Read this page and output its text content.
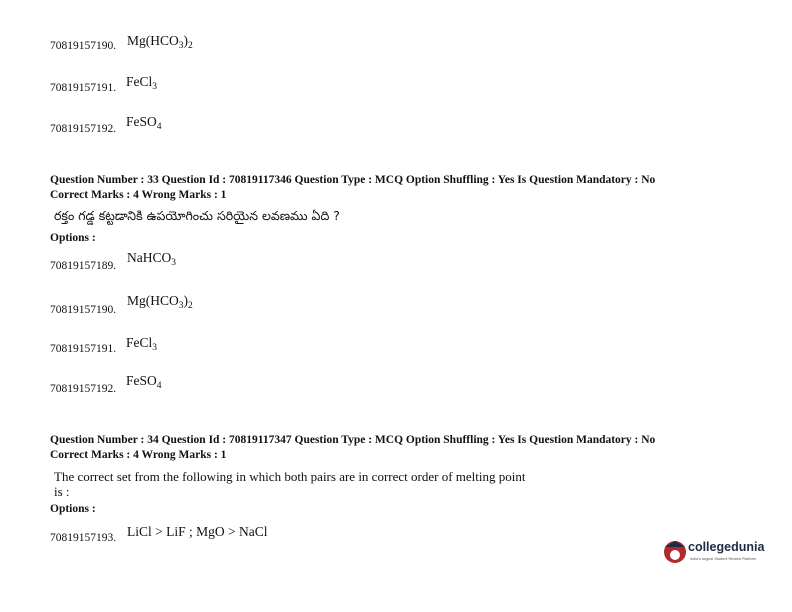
70819157190. $Mg(HCO_3)_2$
70819157191. FeCl$_3$
70819157192. FeSO$_4$
Question Number : 33 Question Id : 70819117346 Question Type : MCQ Option Shuffling : Yes Is Question Mandatory : No
Correct Marks : 4 Wrong Marks : 1
రక్తం గడ్డ కట్టడానికి ఉపయోగించు సరియైన లవణము ఏది ?
Options :
70819157189.
NaHCO$_3$
70819157190.
$Mg(HCO_3)_2$
70819157191. FeCl$_3$
70819157192.
FeSO$_4$
Question Number : 34 Question Id : 70819117347 Question Type : MCQ Option Shuffling : Yes Is Question Mandatory : No
Correct Marks : 4 Wrong Marks : 1
The correct set from the following in which both pairs are in correct order of melting point
is :
Options :
70819157193. LiCl > LiF ; MgO > NaCl
collegedunia
India's largest Student Review Platform
